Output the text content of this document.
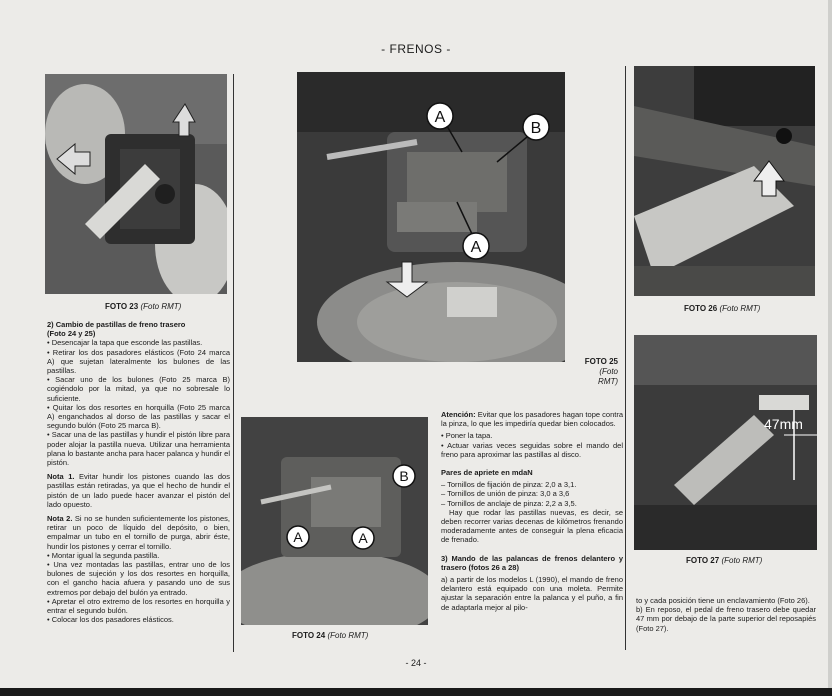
- FRENOS -
FOTO 23 (Foto RMT)
A
B
A
FOTO 25
(Foto RMT)
B
A	A
FOTO 24 (Foto RMT)
FOTO 26 (Foto RMT)
47mm
FOTO 27 (Foto RMT)

2) Cambio de pastillas de freno trasero

(Foto 24 y 25)

• Desencajar la tapa que esconde las pastillas.

• Retirar los dos pasadores elásticos (Foto 24 marca A) que sujetan lateralmente los bulones de las pastillas.

• Sacar uno de los bulones (Foto 25 marca B) cogiéndolo por la mitad, ya que no sobresale lo suficiente.

• Quitar los dos resortes en horquilla (Foto 25 marca A) enganchados al dorso de las pastillas y sacar el segundo bulón (Foto 25 marca B).

• Sacar una de las pastillas y hundir el pistón libre para poder alojar la pastilla nueva. Utilizar una herramienta plana lo bastante ancha para hacer palanca y hundir el pistón.

Nota 1. Evitar hundir los pistones cuando las dos pastillas están retiradas, ya que el hecho de hundir el pistón de un lado puede hacer avanzar el pistón del lado opuesto.

Nota 2. Si no se hunden suficientemente los pistones, retirar un poco de líquido del depósito, o bien, empalmar un tubo en el tornillo de purga, abrir éste, hundir los pistones y cerrar el tornillo.

• Montar igual la segunda pastilla.

• Una vez montadas las pastillas, entrar uno de los bulones de sujeción y los dos resortes en horquilla, con el gancho hacia afuera y pasando uno de sus extremos por debajo del bulón ya entrado.

• Apretar el otro extremo de los resortes en horquilla y entrar el segundo bulón.

• Colocar los dos pasadores elásticos.

Atención: Evitar que los pasadores hagan tope contra la pinza, lo que les impediría quedar bien colocados.

• Poner la tapa.

• Actuar varias veces seguidas sobre el mando del freno para aproximar las pastillas al disco.

Pares de apriete en mdaN

– Tornillos de fijación de pinza: 2,0 a 3,1.

– Tornillos de unión de pinza: 3,0 a 3,6

– Tornillos de anclaje de pinza: 2,2 a 3,5.

Hay que rodar las pastillas nuevas, es decir, se deben recorrer varias decenas de kilómetros frenando moderadamente antes de conseguir la plena eficacia de frenado.

3) Mando de las palancas de frenos delantero y trasero (fotos 26 a 28)

a) a partir de los modelos L (1990), el mando de freno delantero está equipado con una moleta. Permite ajustar la separación entre la palanca y el puño, a fin de adaptarla mejor al pilo-

to y cada posición tiene un enclavamiento (Foto 26).

b) En reposo, el pedal de freno trasero debe quedar 47 mm por debajo de la parte superior del reposapiés (Foto 27).

- 24 -
